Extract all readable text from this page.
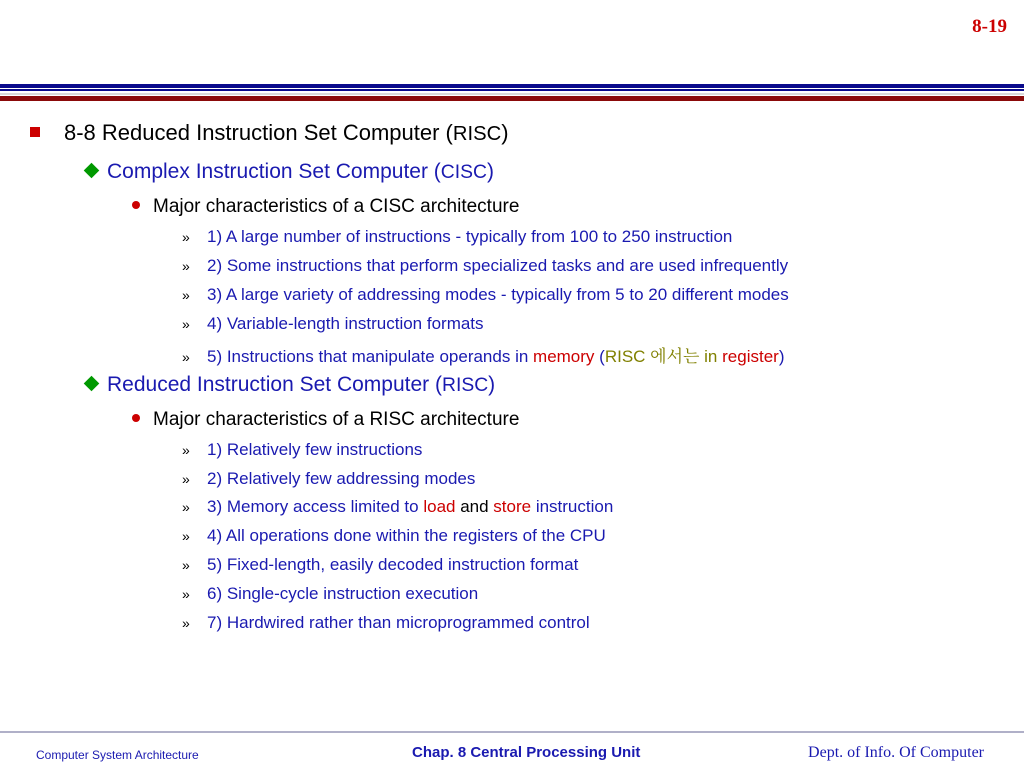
8-19
8-8 Reduced Instruction Set Computer (RISC)
Complex Instruction Set Computer (CISC)
Major characteristics of a CISC architecture
» 1) A large number of instructions - typically from 100 to 250 instruction
» 2) Some instructions that perform specialized tasks and are used infrequently
» 3) A large variety of addressing modes - typically from 5 to 20 different modes
» 4) Variable-length instruction formats
» 5) Instructions that manipulate operands in memory (RISC 에서는 in register)
Reduced Instruction Set Computer (RISC)
Major characteristics of a RISC architecture
» 1) Relatively few instructions
» 2) Relatively few addressing modes
» 3) Memory access limited to load and store instruction
» 4) All operations done within the registers of the CPU
» 5) Fixed-length, easily decoded instruction format
» 6) Single-cycle instruction execution
» 7) Hardwired rather than microprogrammed control
Computer System Architecture	Chap. 8 Central Processing Unit	Dept. of Info. Of Computer
